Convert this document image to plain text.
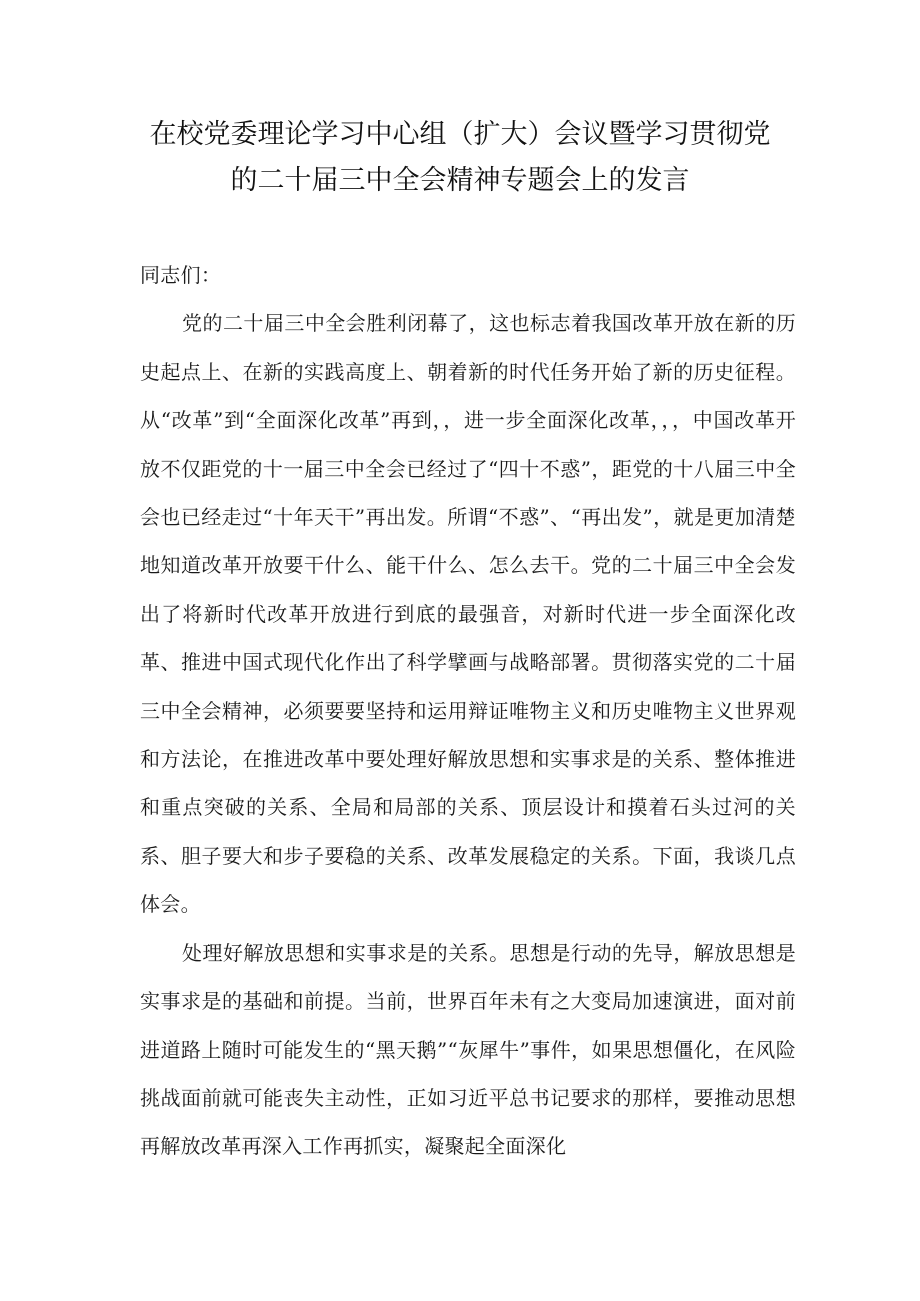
在校党委理论学习中心组（扩大）会议暨学习贯彻党
的二十届三中全会精神专题会上的发言

同志们：

党的二十届三中全会胜利闭幕了，这也标志着我国改革开放在新的历史起点上、在新的实践高度上、朝着新的时代任务开始了新的历史征程。从“改革”到“全面深化改革”再到，，进一步全面深化改革，，，中国改革开放不仅距党的十一届三中全会已经过了“四十不惑”，距党的十八届三中全会也已经走过“十年天干”再出发。所谓“不惑”、“再出发”，就是更加清楚地知道改革开放要干什么、能干什么、怎么去干。党的二十届三中全会发出了将新时代改革开放进行到底的最强音，对新时代进一步全面深化改革、推进中国式现代化作出了科学擘画与战略部署。贯彻落实党的二十届三中全会精神，必须要要坚持和运用辩证唯物主义和历史唯物主义世界观和方法论，在推进改革中要处理好解放思想和实事求是的关系、整体推进和重点突破的关系、全局和局部的关系、顶层设计和摸着石头过河的关系、胆子要大和步子要稳的关系、改革发展稳定的关系。下面，我谈几点体会。

处理好解放思想和实事求是的关系。思想是行动的先导，解放思想是实事求是的基础和前提。当前，世界百年未有之大变局加速演进，面对前进道路上随时可能发生的“黑天鹅”“灰犀牛”事件，如果思想僵化，在风险挑战面前就可能丧失主动性，正如习近平总书记要求的那样，要推动思想再解放改革再深入工作再抓实，凝聚起全面深化
